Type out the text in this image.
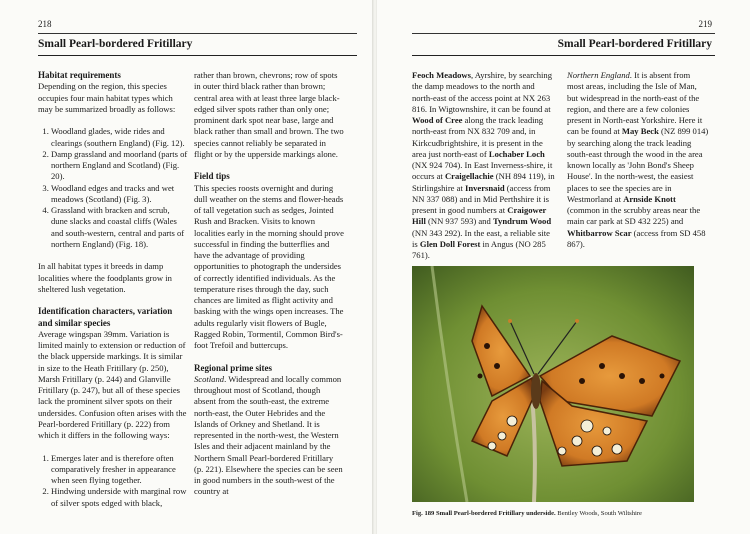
218
Small Pearl-bordered Fritillary
Habitat requirements

Depending on the region, this species occupies four main habitat types which may be summarized broadly as follows:

1. Woodland glades, wide rides and clearings (southern England) (Fig. 12).
2. Damp grassland and moorland (parts of northern England and Scotland) (Fig. 20).
3. Woodland edges and tracks and wet meadows (Scotland) (Fig. 3).
4. Grassland with bracken and scrub, dune slacks and coastal cliffs (Wales and south-western, central and parts of northern England) (Fig. 18).

In all habitat types it breeds in damp localities where the foodplants grow in sheltered lush vegetation.

Identification characters, variation and similar species

Average wingspan 39mm. Variation is limited mainly to extension or reduction of the black upperside markings. It is similar in size to the Heath Fritillary (p. 250), Marsh Fritillary (p. 244) and Glanville Fritillary (p. 247), but all of these species lack the prominent silver spots on their undersides. Confusion often arises with the Pearl-bordered Fritillary (p. 222) from which it differs in the following ways:

1. Emerges later and is therefore often comparatively fresher in appearance when seen flying together.
2. Hindwing underside with marginal row of silver spots edged with black,

rather than brown, chevrons; row of spots in outer third black rather than brown; central area with at least three large black-edged silver spots rather than only one; prominent dark spot near base, large and black rather than small and brown. The two species cannot reliably be separated in flight or by the upperside markings alone.

Field tips

This species roosts overnight and during dull weather on the stems and flower-heads of tall vegetation such as sedges, Jointed Rush and Bracken. Visits to known localities early in the morning should prove successful in finding the butterflies and have the advantage of providing opportunities to photograph the undersides of correctly identified individuals. As the temperature rises through the day, such chances are limited as flight activity and basking with the wings open increases. The adults regularly visit flowers of Bugle, Ragged Robin, Tormentil, Common Bird's-foot Trefoil and buttercups.

Regional prime sites

Scotland. Widespread and locally common throughout most of Scotland, though absent from the south-east, the extreme north-east, the Outer Hebrides and the Islands of Orkney and Shetland. It is represented in the north-west, the Western Isles and their adjacent mainland by the Northern Small Pearl-bordered Fritillary (p. 221). Elsewhere the species can be seen in good numbers in the south-west of the country at

219
Small Pearl-bordered Fritillary

Feoch Meadows, Ayrshire, by searching the damp meadows to the north and north-east of the access point at NX 263 816. In Wigtownshire, it can be found at Wood of Cree along the track leading north-east from NX 832 709 and, in Kirkcudbrightshire, it is present in the area just north-east of Lochaber Loch (NX 924 704). In East Inverness-shire, it occurs at Craigellachie (NH 894 119), in Stirlingshire at Inversnaid (access from NN 337 088) and in Mid Perthshire it is present in good numbers at Craigower Hill (NN 937 593) and Tyndrum Wood (NN 343 292). In the east, a reliable site is Glen Doll Forest in Angus (NO 285 761).

Northern England. It is absent from most areas, including the Isle of Man, but widespread in the north-east of the region, and there are a few colonies present in North-east Yorkshire. Here it can be found at May Beck (NZ 899 014) by searching along the track leading south-east through the wood in the area known locally as 'John Bond's Sheep House'. In the north-west, the easiest places to see the species are in Westmorland at Arnside Knott (common in the scrubby areas near the main car park at SD 432 225) and Whitbarrow Scar (access from SD 458 867).

Fig. 189 Small Pearl-bordered Fritillary underside. Bentley Woods, South Wiltshire
